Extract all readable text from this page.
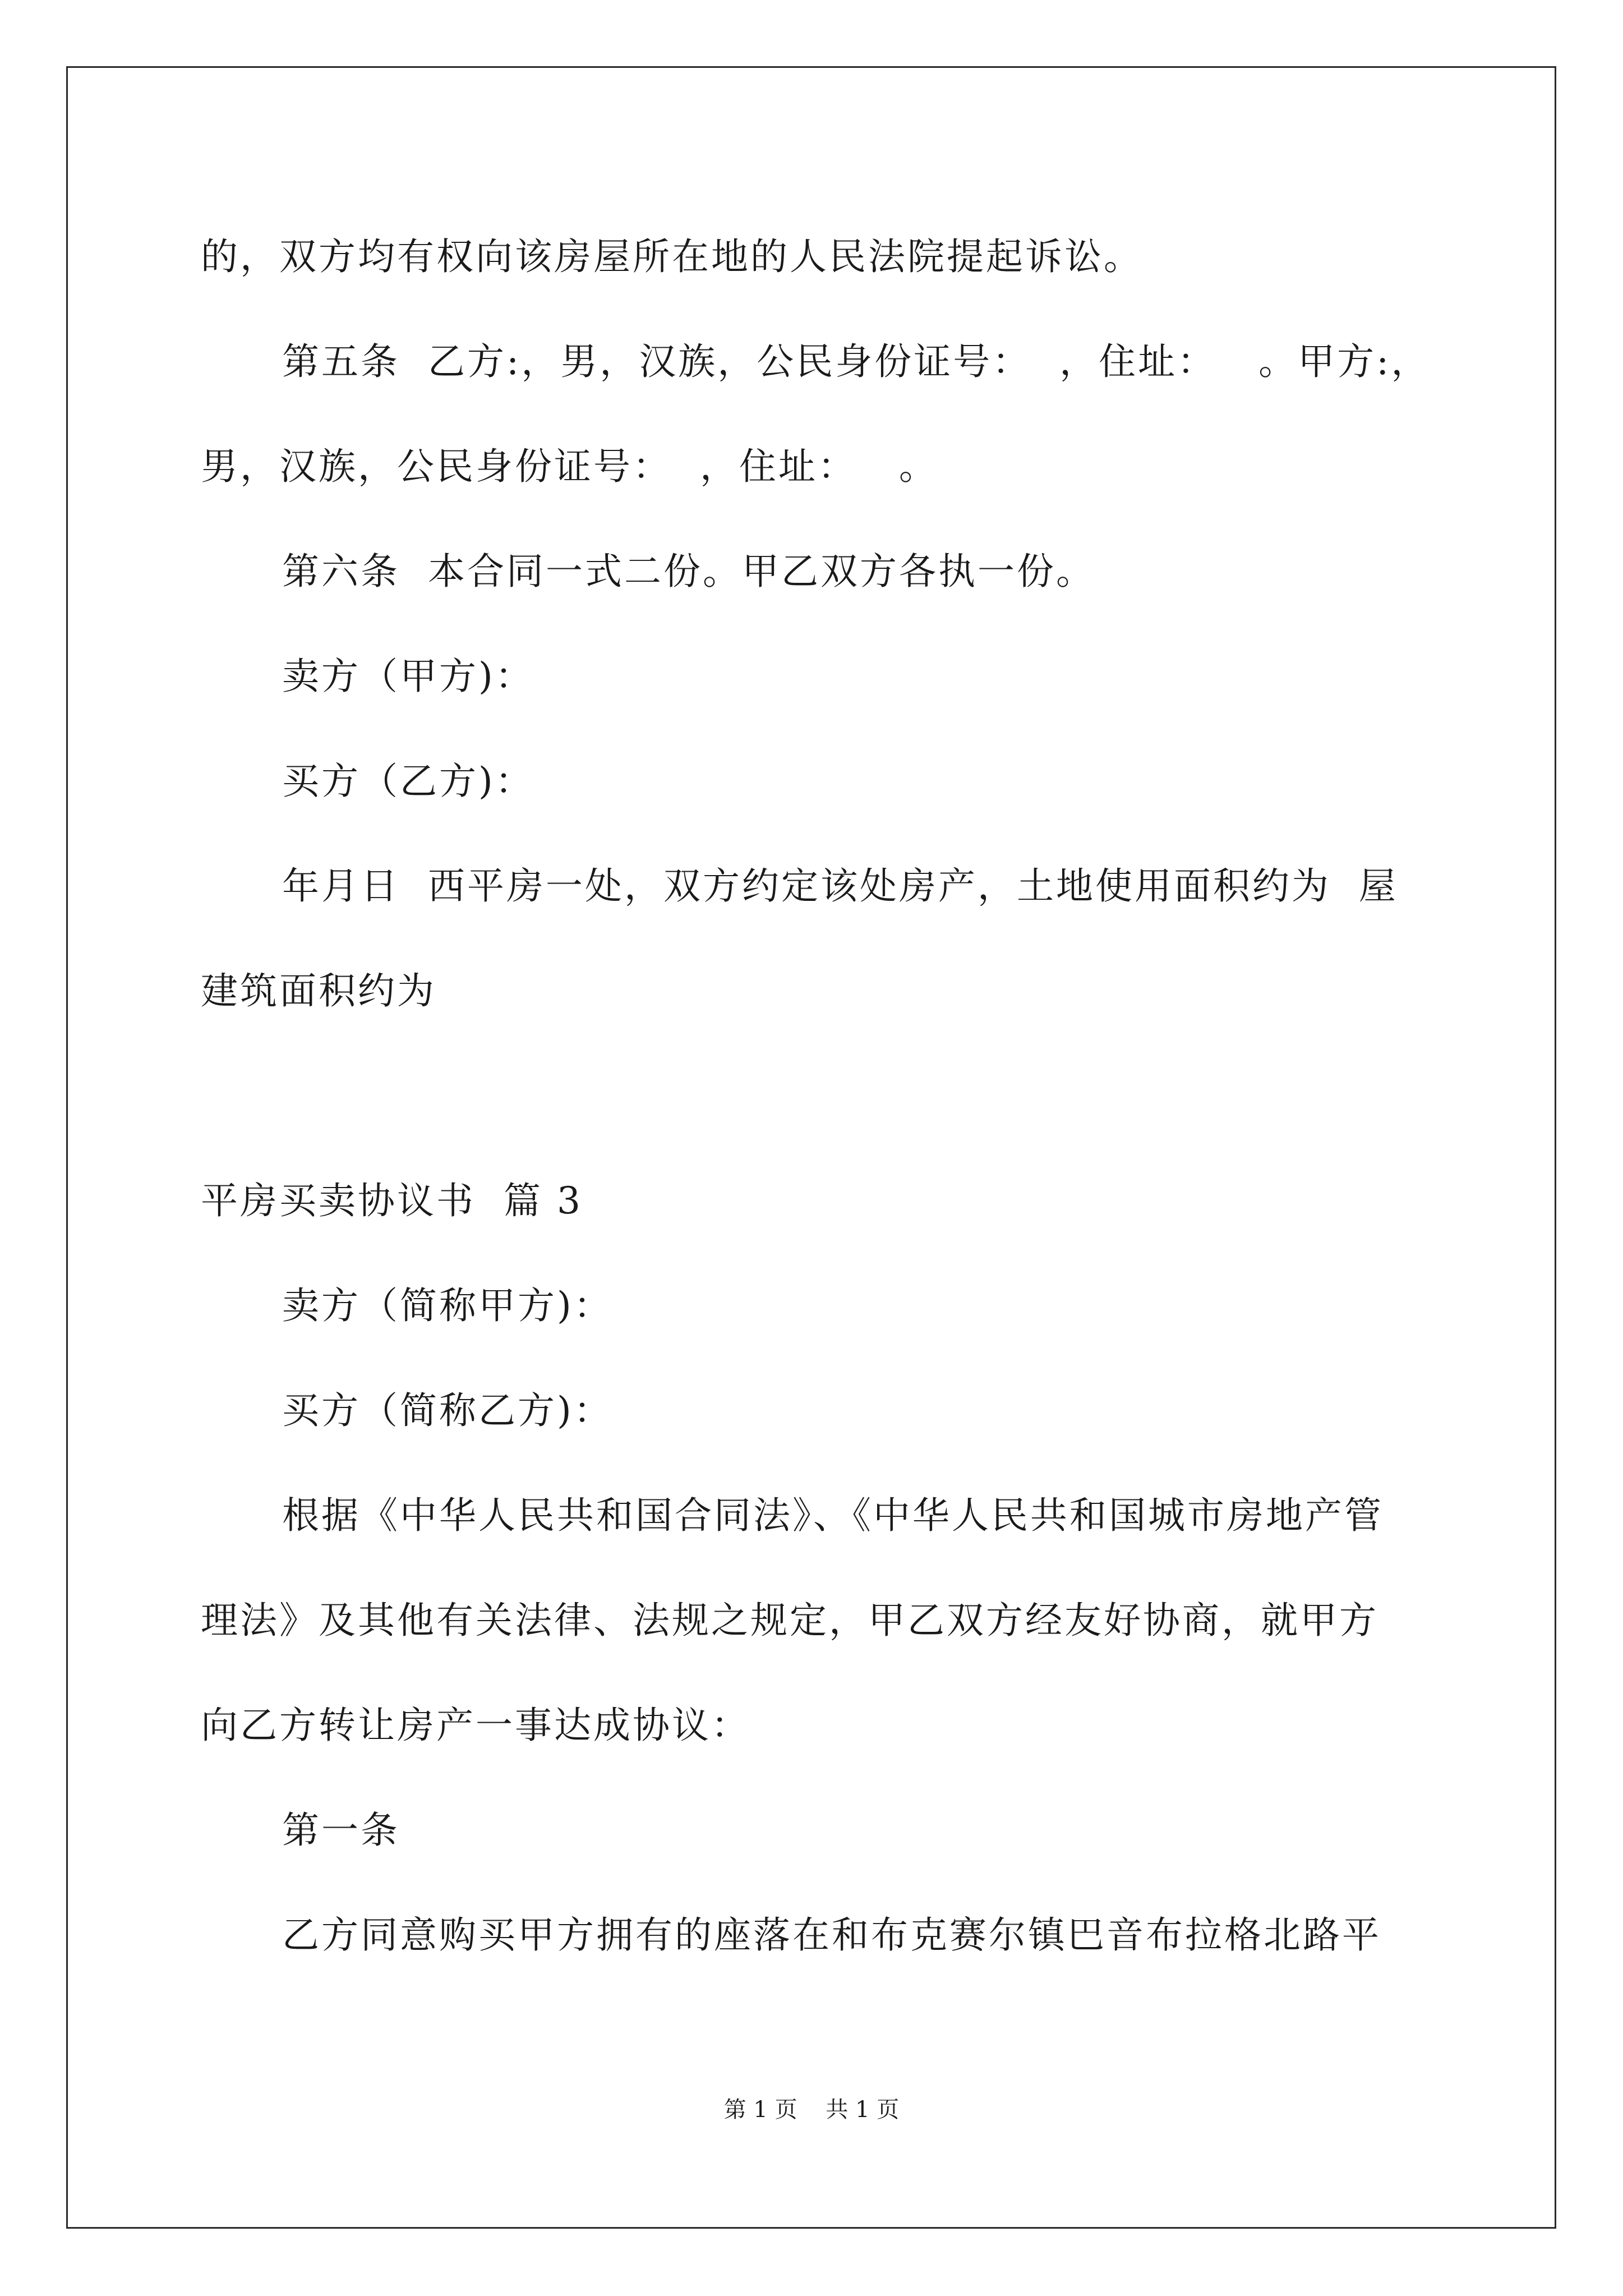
的，双方均有权向该房屋所在地的人民法院提起诉讼。
第五条  乙方:，男，汉族，公民身份证号：  ，住址：   。甲方:，
男，汉族，公民身份证号：  ，住址：   。
第六条  本合同一式二份。甲乙双方各执一份。
卖方（甲方)：
买方（乙方)：
年月日  西平房一处，双方约定该处房产，土地使用面积约为  屋
建筑面积约为
平房买卖协议书  篇 3
卖方（简称甲方)：
买方（简称乙方)：
根据《中华人民共和国合同法》、《中华人民共和国城市房地产管
理法》及其他有关法律、法规之规定，甲乙双方经友好协商，就甲方
向乙方转让房产一事达成协议：
第一条
乙方同意购买甲方拥有的座落在和布克赛尔镇巴音布拉格北路平
第 1 页    共 1 页
